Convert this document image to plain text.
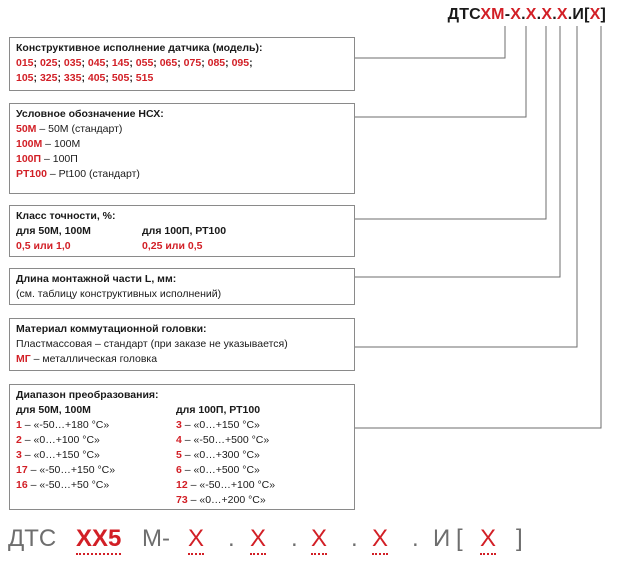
ДТСХМ-Х.Х.Х.Х.И[Х]
Конструктивное исполнение датчика (модель):
015; 025; 035; 045; 145; 055; 065; 075; 085; 095;
105; 325; 335; 405; 505; 515
Условное обозначение НСХ:
50М – 50М (стандарт)
100М – 100М
100П – 100П
PT100 – Pt100 (стандарт)
Класс точности, %:
для 50М, 100М	для 100П, РТ100
0,5 или 1,0	0,25 или 0,5
Длина монтажной части L, мм:
(см. таблицу конструктивных исполнений)
Материал коммутационной головки:
Пластмассовая – стандарт (при заказе не указывается)
МГ – металлическая головка
Диапазон преобразования:
для 50М, 100М
1 – «-50…+180 °С»
2 – «0…+100 °С»
3 – «0…+150 °С»
17 – «-50…+150 °С»
16 – «-50…+50 °С»
для 100П, РТ100
3 – «0…+150 °С»
4 – «-50…+500 °С»
5 – «0…+300 °С»
6 – «0…+500 °С»
12 – «-50…+100 °С»
73 – «0…+200 °С»
ДТС ХХ5 М- Х . Х . Х . Х . И [ Х ]
